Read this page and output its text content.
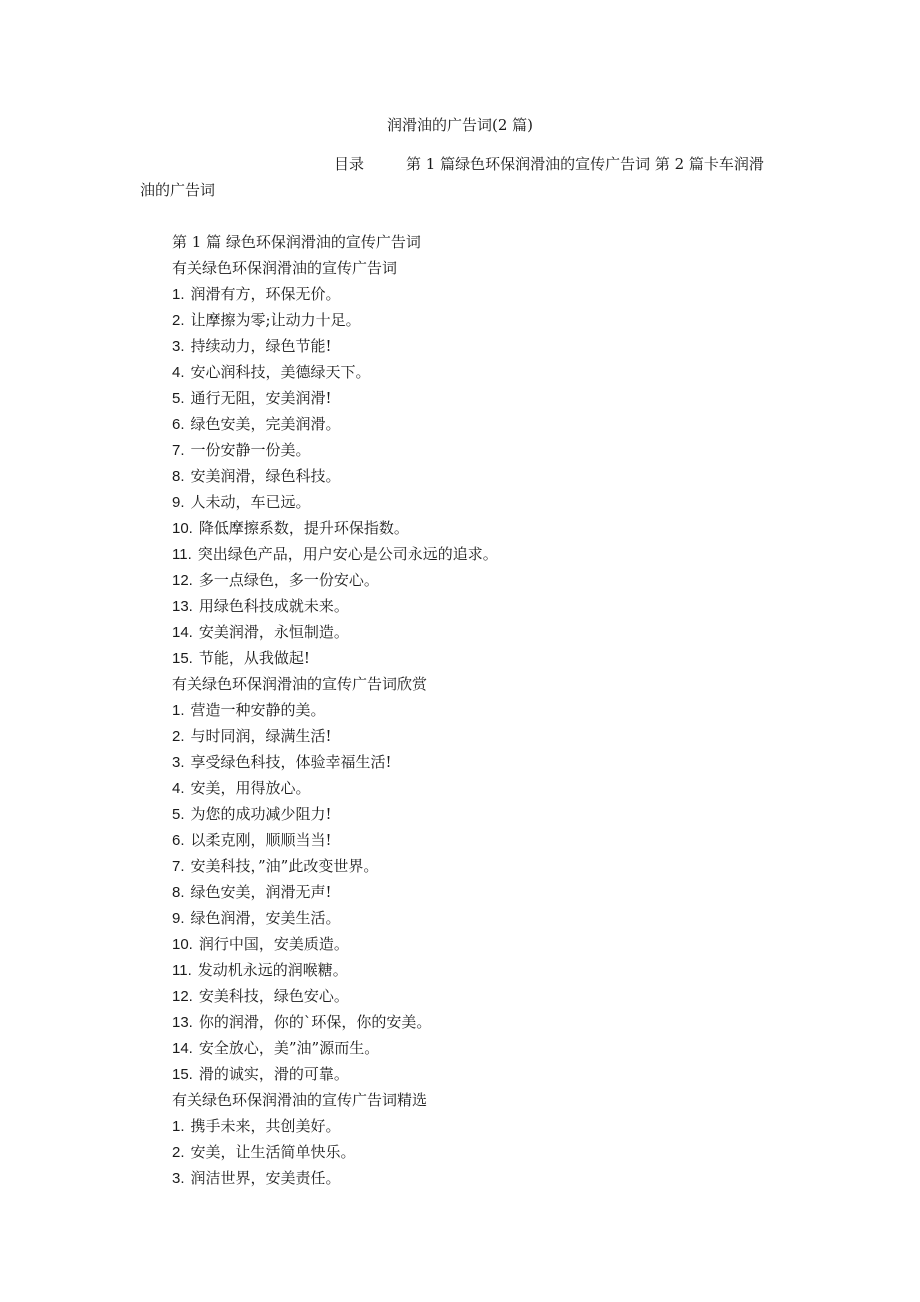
润滑油的广告词(2 篇)
目录	第 1 篇绿色环保润滑油的宣传广告词 第 2 篇卡车润滑
油的广告词
第 1 篇 绿色环保润滑油的宣传广告词
有关绿色环保润滑油的宣传广告词
1. 润滑有方，环保无价。
2. 让摩擦为零;让动力十足。
3. 持续动力，绿色节能!
4. 安心润科技，美德绿天下。
5. 通行无阻，安美润滑!
6. 绿色安美，完美润滑。
7. 一份安静一份美。
8. 安美润滑，绿色科技。
9. 人未动，车已远。
10. 降低摩擦系数，提升环保指数。
11. 突出绿色产品，用户安心是公司永远的追求。
12. 多一点绿色，多一份安心。
13. 用绿色科技成就未来。
14. 安美润滑，永恒制造。
15. 节能，从我做起!
有关绿色环保润滑油的宣传广告词欣赏
1. 营造一种安静的美。
2. 与时同润，绿满生活!
3. 享受绿色科技，体验幸福生活!
4. 安美，用得放心。
5. 为您的成功减少阻力!
6. 以柔克刚，顺顺当当!
7. 安美科技，”油”此改变世界。
8. 绿色安美，润滑无声!
9. 绿色润滑，安美生活。
10. 润行中国，安美质造。
11. 发动机永远的润喉糖。
12. 安美科技，绿色安心。
13. 你的润滑，你的`环保，你的安美。
14. 安全放心，美”油”源而生。
15. 滑的诚实，滑的可靠。
有关绿色环保润滑油的宣传广告词精选
1. 携手未来，共创美好。
2. 安美，让生活简单快乐。
3. 润洁世界，安美责任。
